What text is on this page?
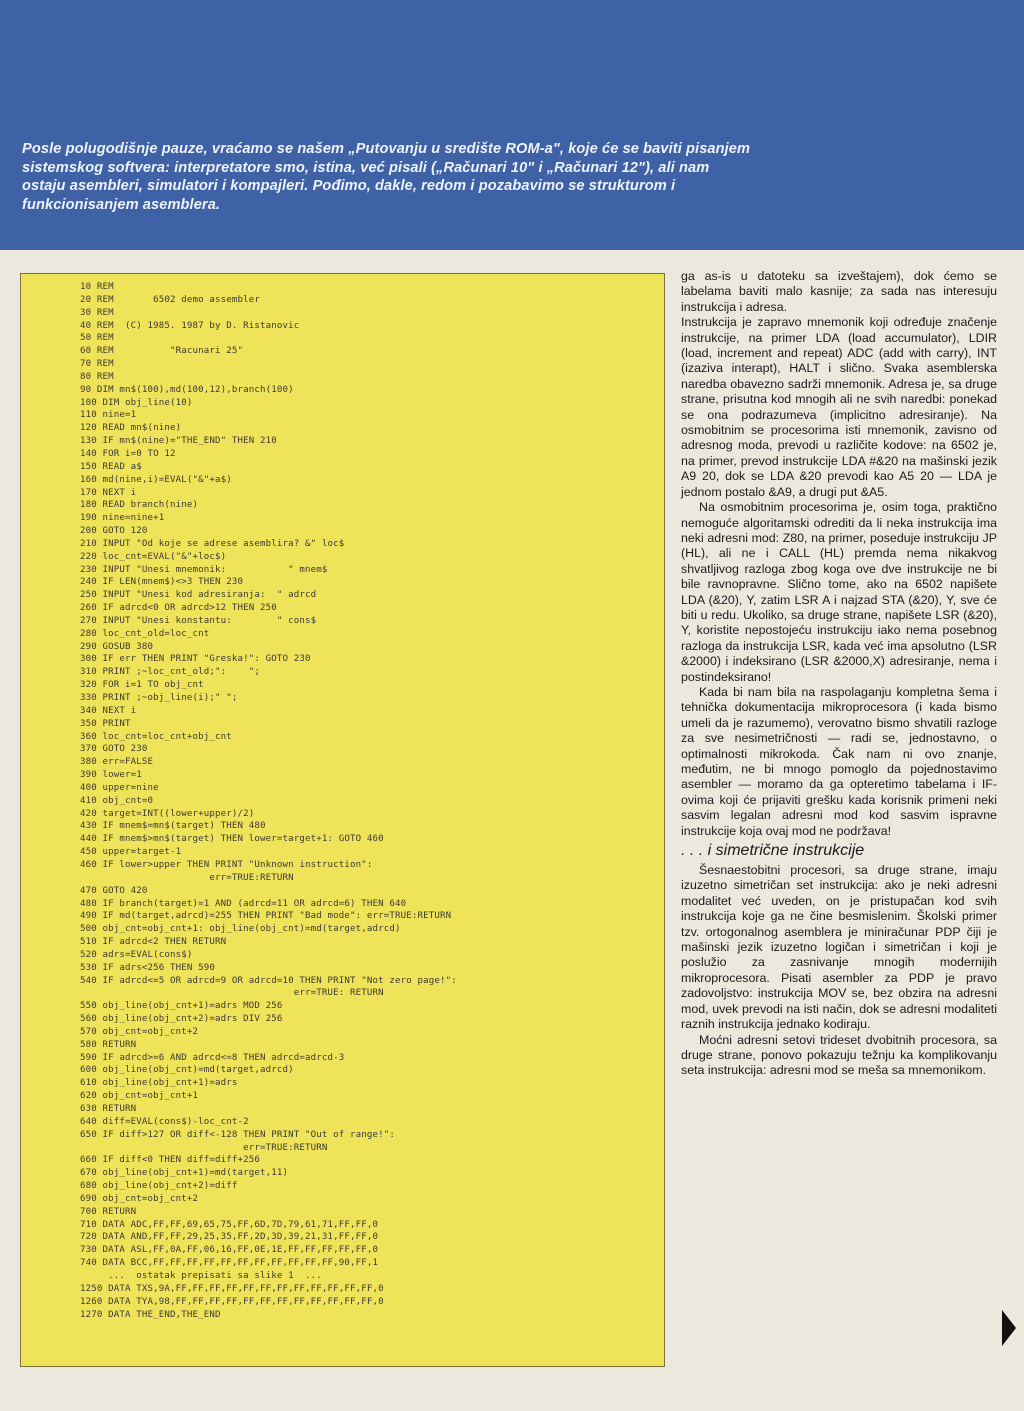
Posle polugodišnje pauze, vraćamo se našem „Putovanju u središte ROM-a", koje će se baviti pisanjem
sistemskog softvera: interpretatore smo, istina, već pisali („Računari 10" i „Računari 12"), ali nam
ostaju asembleri, simulatori i kompajleri. Pođimo, dakle, redom i pozabavimo se strukturom i
funkcionisanjem asemblera.
10 REM
20 REM       6502 demo assembler
30 REM
40 REM  (C) 1985. 1987 by D. Ristanovic
50 REM
60 REM          "Racunari 25"
70 REM
80 REM
90 DIM mn$(100),md(100,12),branch(100)
100 DIM obj_line(10)
110 nine=1
120 READ mn$(nine)
130 IF mn$(nine)="THE_END" THEN 210
140 FOR i=0 TO 12
150 READ a$
160 md(nine,i)=EVAL("&"+a$)
170 NEXT i
180 READ branch(nine)
190 nine=nine+1
200 GOTO 120
210 INPUT "Od koje se adrese asemblira? &" loc$
220 loc_cnt=EVAL("&"+loc$)
230 INPUT "Unesi mnemonik:           " mnem$
240 IF LEN(mnem$)<>3 THEN 230
250 INPUT "Unesi kod adresiranja:  " adrcd
260 IF adrcd<0 OR adrcd>12 THEN 250
270 INPUT "Unesi konstantu:        " cons$
280 loc_cnt_old=loc_cnt
290 GOSUB 380
300 IF err THEN PRINT "Greska!": GOTO 230
310 PRINT ;~loc_cnt_old;":    ";
320 FOR i=1 TO obj_cnt
330 PRINT ;~obj_line(i);" ";
340 NEXT i
350 PRINT
360 loc_cnt=loc_cnt+obj_cnt
370 GOTO 230
380 err=FALSE
390 lower=1
400 upper=nine
410 obj_cnt=0
420 target=INT((lower+upper)/2)
430 IF mnem$=mn$(target) THEN 480
440 IF mnem$>mn$(target) THEN lower=target+1: GOTO 460
450 upper=target-1
460 IF lower>upper THEN PRINT "Unknown instruction":
err=TRUE:RETURN
470 GOTO 420
480 IF branch(target)=1 AND (adrcd=11 OR adrcd=6) THEN 640
490 IF md(target,adrcd)=255 THEN PRINT "Bad mode": err=TRUE:RETURN
500 obj_cnt=obj_cnt+1: obj_line(obj_cnt)=md(target,adrcd)
510 IF adrcd<2 THEN RETURN
520 adrs=EVAL(cons$)
530 IF adrs<256 THEN 590
540 IF adrcd<=5 OR adrcd=9 OR adrcd=10 THEN PRINT "Not zero page!":
err=TRUE: RETURN
550 obj_line(obj_cnt+1)=adrs MOD 256
560 obj_line(obj_cnt+2)=adrs DIV 256
570 obj_cnt=obj_cnt+2
580 RETURN
590 IF adrcd>=6 AND adrcd<=8 THEN adrcd=adrcd-3
600 obj_line(obj_cnt)=md(target,adrcd)
610 obj_line(obj_cnt+1)=adrs
620 obj_cnt=obj_cnt+1
630 RETURN
640 diff=EVAL(cons$)-loc_cnt-2
650 IF diff>127 OR diff<-128 THEN PRINT "Out of range!":
err=TRUE:RETURN
660 IF diff<0 THEN diff=diff+256
670 obj_line(obj_cnt+1)=md(target,11)
680 obj_line(obj_cnt+2)=diff
690 obj_cnt=obj_cnt+2
700 RETURN
710 DATA ADC,FF,FF,69,65,75,FF,6D,7D,79,61,71,FF,FF,0
720 DATA AND,FF,FF,29,25,35,FF,2D,3D,39,21,31,FF,FF,0
730 DATA ASL,FF,0A,FF,06,16,FF,0E,1E,FF,FF,FF,FF,FF,0
740 DATA BCC,FF,FF,FF,FF,FF,FF,FF,FF,FF,FF,FF,90,FF,1
...  ostatak prepisati sa slike 1  ...
1250 DATA TXS,9A,FF,FF,FF,FF,FF,FF,FF,FF,FF,FF,FF,FF,0
1260 DATA TYA,98,FF,FF,FF,FF,FF,FF,FF,FF,FF,FF,FF,FF,0
1270 DATA THE_END,THE_END

ga as-is u datoteku sa izveštajem), dok ćemo se labelama baviti malo kasnije; za sada nas interesuju instrukcija i adresa.

Instrukcija je zapravo mnemonik koji određuje značenje instrukcije, na primer LDA (load accumulator), LDIR (load, increment and repeat) ADC (add with carry), INT (izaziva interapt), HALT i slično. Svaka asemblerska naredba obavezno sadrži mnemonik. Adresa je, sa druge strane, prisutna kod mnogih ali ne svih naredbi: ponekad se ona podrazumeva (implicitno adresiranje). Na osmobitnim se procesorima isti mnemonik, zavisno od adresnog moda, prevodi u različite kodove: na 6502 je, na primer, prevod instrukcije LDA #&20 na mašinski jezik A9 20, dok se LDA &20 prevodi kao A5 20 — LDA je jednom postalo &A9, a drugi put &A5.

Na osmobitnim procesorima je, osim toga, praktično nemoguće algoritamski odrediti da li neka instrukcija ima neki adresni mod: Z80, na primer, poseduje instrukciju JP (HL), ali ne i CALL (HL) premda nema nikakvog shvatljivog razloga zbog koga ove dve instrukcije ne bi bile ravnopravne. Slično tome, ako na 6502 napišete LDA (&20), Y, zatim LSR A i najzad STA (&20), Y, sve će biti u redu. Ukoliko, sa druge strane, napišete LSR (&20), Y, koristite nepostojeću instrukciju iako nema posebnog razloga da instrukcija LSR, kada već ima apsolutno (LSR &2000) i indeksirano (LSR &2000,X) adresiranje, nema i postindeksirano!

Kada bi nam bila na raspolaganju kompletna šema i tehnička dokumentacija mikroprocesora (i kada bismo umeli da je razumemo), verovatno bismo shvatili razloge za sve nesimetričnosti — radi se, jednostavno, o optimalnosti mikrokoda. Čak nam ni ovo znanje, međutim, ne bi mnogo pomoglo da pojednostavimo asembler — moramo da ga opteretimo tabelama i IF-ovima koji će prijaviti grešku kada korisnik primeni neki sasvim legalan adresni mod kod sasvim ispravne instrukcije koja ovaj mod ne podržava!

. . . i simetrične instrukcije

Šesnaestobitni procesori, sa druge strane, imaju izuzetno simetričan set instrukcija: ako je neki adresni modalitet već uveden, on je pristupačan kod svih instrukcija koje ga ne čine besmislenim. Školski primer tzv. ortogonalnog asemblera je minirаčunar PDP čiji je mašinski jezik izuzetno logičan i simetričan i koji je poslužio za zasnivanje mnogih modernijih mikroprocesora. Pisati asembler za PDP je pravo zadovoljstvo: instrukcija MOV se, bez obzira na adresni mod, uvek prevodi na isti način, dok se adresni modaliteti raznih instrukcija jednako kodiraju.

Moćni adresni setovi trideset dvobitnih procesora, sa druge strane, ponovo pokazuju težnju ka komplikovanju seta instrukcija: adresni mod se meša sa mnemonikom.
